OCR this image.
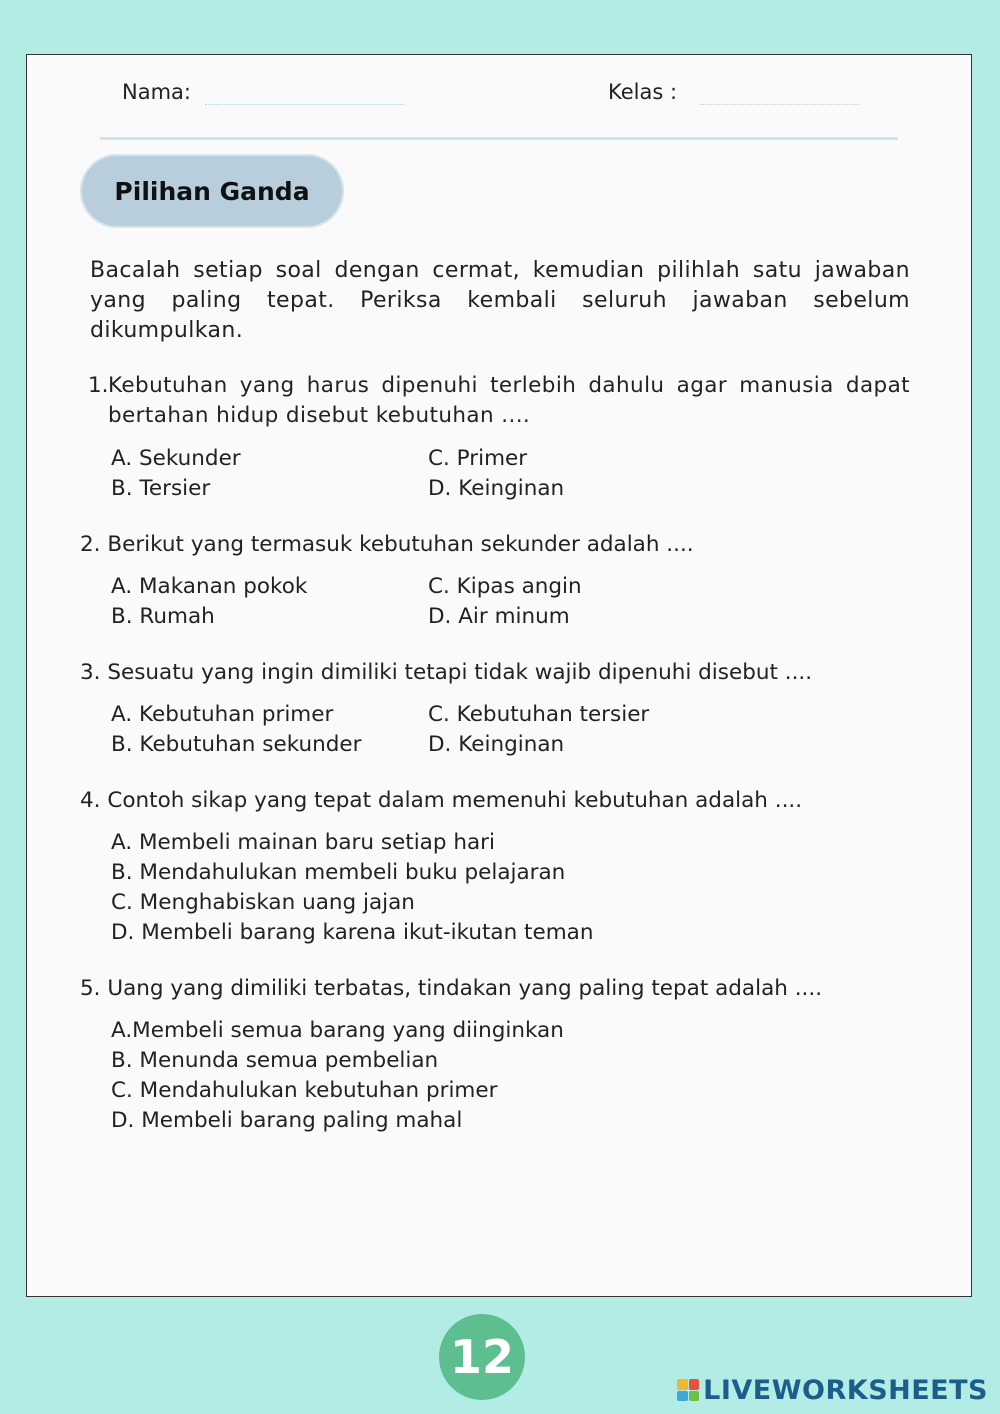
Nama:	Kelas :
Pilihan Ganda
Bacalah setiap soal dengan cermat, kemudian pilihlah satu jawaban yang paling tepat. Periksa kembali seluruh jawaban sebelum dikumpulkan.
1. Kebutuhan yang harus dipenuhi terlebih dahulu agar manusia dapat bertahan hidup disebut kebutuhan ....
A. Sekunder
B. Tersier
C. Primer
D. Keinginan
2. Berikut yang termasuk kebutuhan sekunder adalah ....
A. Makanan pokok
B. Rumah
C. Kipas angin
D. Air minum
3. Sesuatu yang ingin dimiliki tetapi tidak wajib dipenuhi disebut ....
A. Kebutuhan primer
B. Kebutuhan sekunder
C. Kebutuhan tersier
D. Keinginan
4. Contoh sikap yang tepat dalam memenuhi kebutuhan adalah ....
A. Membeli mainan baru setiap hari
B. Mendahulukan membeli buku pelajaran
C. Menghabiskan uang jajan
D. Membeli barang karena ikut-ikutan teman
5. Uang yang dimiliki terbatas, tindakan yang paling tepat adalah ....
A.Membeli semua barang yang diinginkan
B. Menunda semua pembelian
C. Mendahulukan kebutuhan primer
D. Membeli barang paling mahal
12
LIVEWORKSHEETS
